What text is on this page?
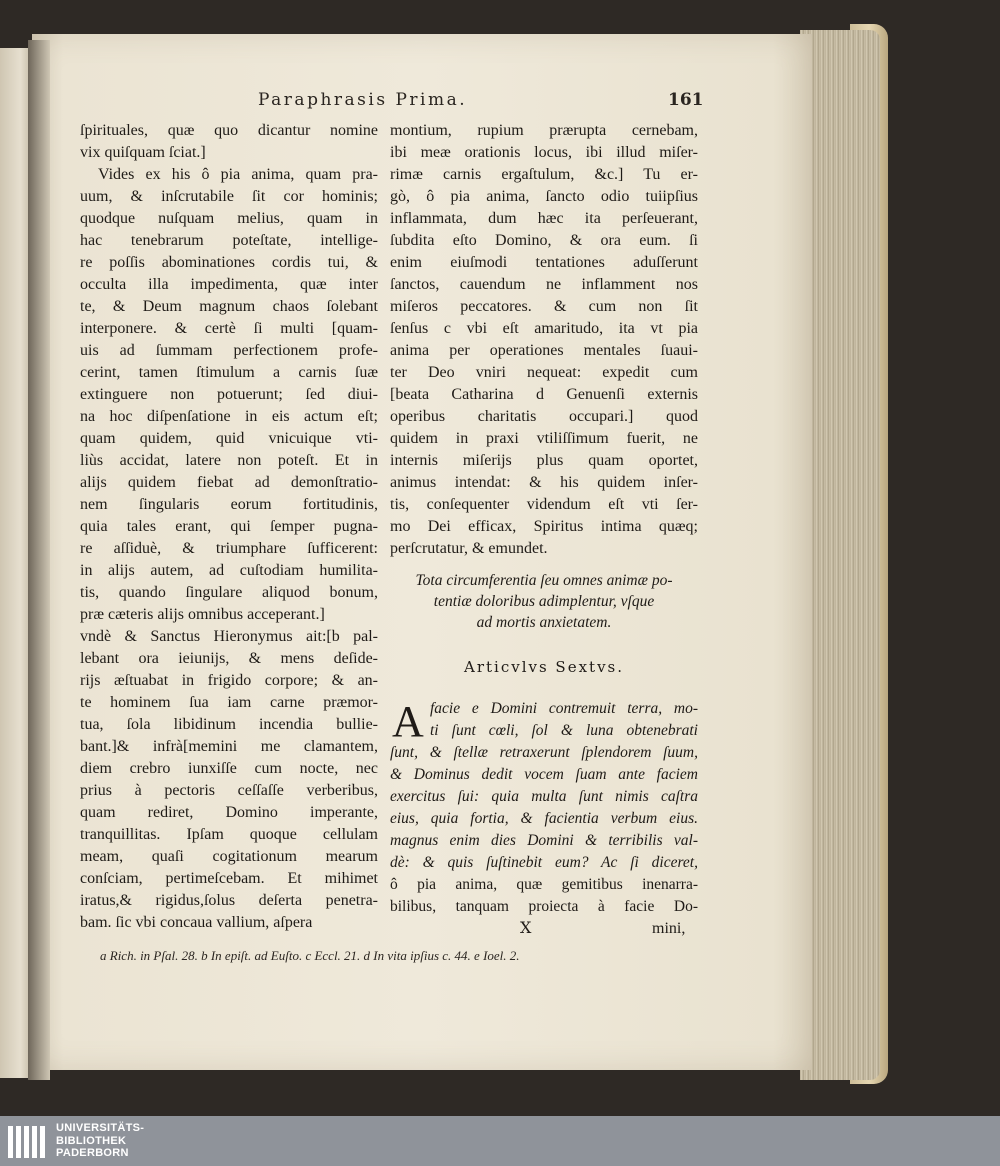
Paraphrasis Prima.	161
ſpirituales, quæ quo dicantur nomine
vix quiſquam ſciat.]
Vides ex his ô pia anima, quam pra-
uum, & inſcrutabile ſit cor hominis;
quodque nuſquam melius, quam in
hac tenebrarum poteſtate, intellige-
re poſſis abominationes cordis tui, &
occulta illa impedimenta, quæ inter
te, & Deum magnum chaos ſolebant
interponere. & certè ſi multi [quam-
uis ad ſummam perfectionem profe-
cerint, tamen ſtimulum a carnis ſuæ
extinguere non potuerunt; ſed diui-
na hoc diſpenſatione in eis actum eſt;
quam quidem, quid vnicuique vti-
liùs accidat, latere non poteſt. Et in
alijs quidem fiebat ad demonſtratio-
nem ſingularis eorum fortitudinis,
quia tales erant, qui ſemper pugna-
re aſſiduè, & triumphare ſufficerent:
in alijs autem, ad cuſtodiam humilita-
tis, quando ſingulare aliquod bonum,
præ cæteris alijs omnibus acceperant.]
vndè & Sanctus Hieronymus ait:[b pal-
lebant ora ieiunijs, & mens deſide-
rijs æſtuabat in frigido corpore; & an-
te hominem ſua iam carne præmor-
tua, ſola libidinum incendia bullie-
bant.]& infrà[memini me clamantem,
diem crebro iunxiſſe cum nocte, nec
prius à pectoris ceſſaſſe verberibus,
quam rediret, Domino imperante,
tranquillitas. Ipſam quoque cellulam
meam, quaſi cogitationum mearum
conſciam, pertimeſcebam. Et mihimet
iratus,& rigidus,ſolus deſerta penetra-
bam. ſic vbi concaua vallium, aſpera
montium, rupium prærupta cernebam,
ibi meæ orationis locus, ibi illud miſer-
rimæ carnis ergaſtulum, &c.] Tu er-
gò, ô pia anima, ſancto odio tuiipſius
inflammata, dum hæc ita perſeuerant,
ſubdita eſto Domino, & ora eum. ſi
enim eiuſmodi tentationes aduſſerunt
ſanctos, cauendum ne inflamment nos
miſeros peccatores. & cum non ſit
ſenſus c vbi eſt amaritudo, ita vt pia
anima per operationes mentales ſuaui-
ter Deo vniri nequeat: expedit cum
[beata Catharina d Genuenſi externis
operibus charitatis occupari.] quod
quidem in praxi vtiliſſimum fuerit, ne
internis miſerijs plus quam oportet,
animus intendat: & his quidem inſer-
tis, conſequenter videndum eſt vti ſer-
mo Dei efficax, Spiritus intima quæq;
perſcrutatur, & emundet.
Tota circumferentia ſeu omnes animæ po-
tentiæ doloribus adimplentur, vſque
ad mortis anxietatem.
Articvlvs Sextvs.
A facie e Domini contremuit terra, mo-
ti ſunt cœli, ſol & luna obtenebrati
ſunt, & ſtellæ retraxerunt ſplendorem ſuum,
& Dominus dedit vocem ſuam ante faciem
exercitus ſui: quia multa ſunt nimis caſtra
eius, quia fortia, & facientia verbum eius.
magnus enim dies Domini & terribilis val-
dè: & quis ſuſtinebit eum? Ac ſi diceret,
ô pia anima, quæ gemitibus inenarra-
bilibus, tanquam proiecta à facie Do-
X	mini,
a Rich. in Pſal. 28. b In epiſt. ad Euſto. c Eccl. 21. d In vita ipſius c. 44. e Ioel. 2.
UNIVERSITÄTS-
BIBLIOTHEK
PADERBORN
